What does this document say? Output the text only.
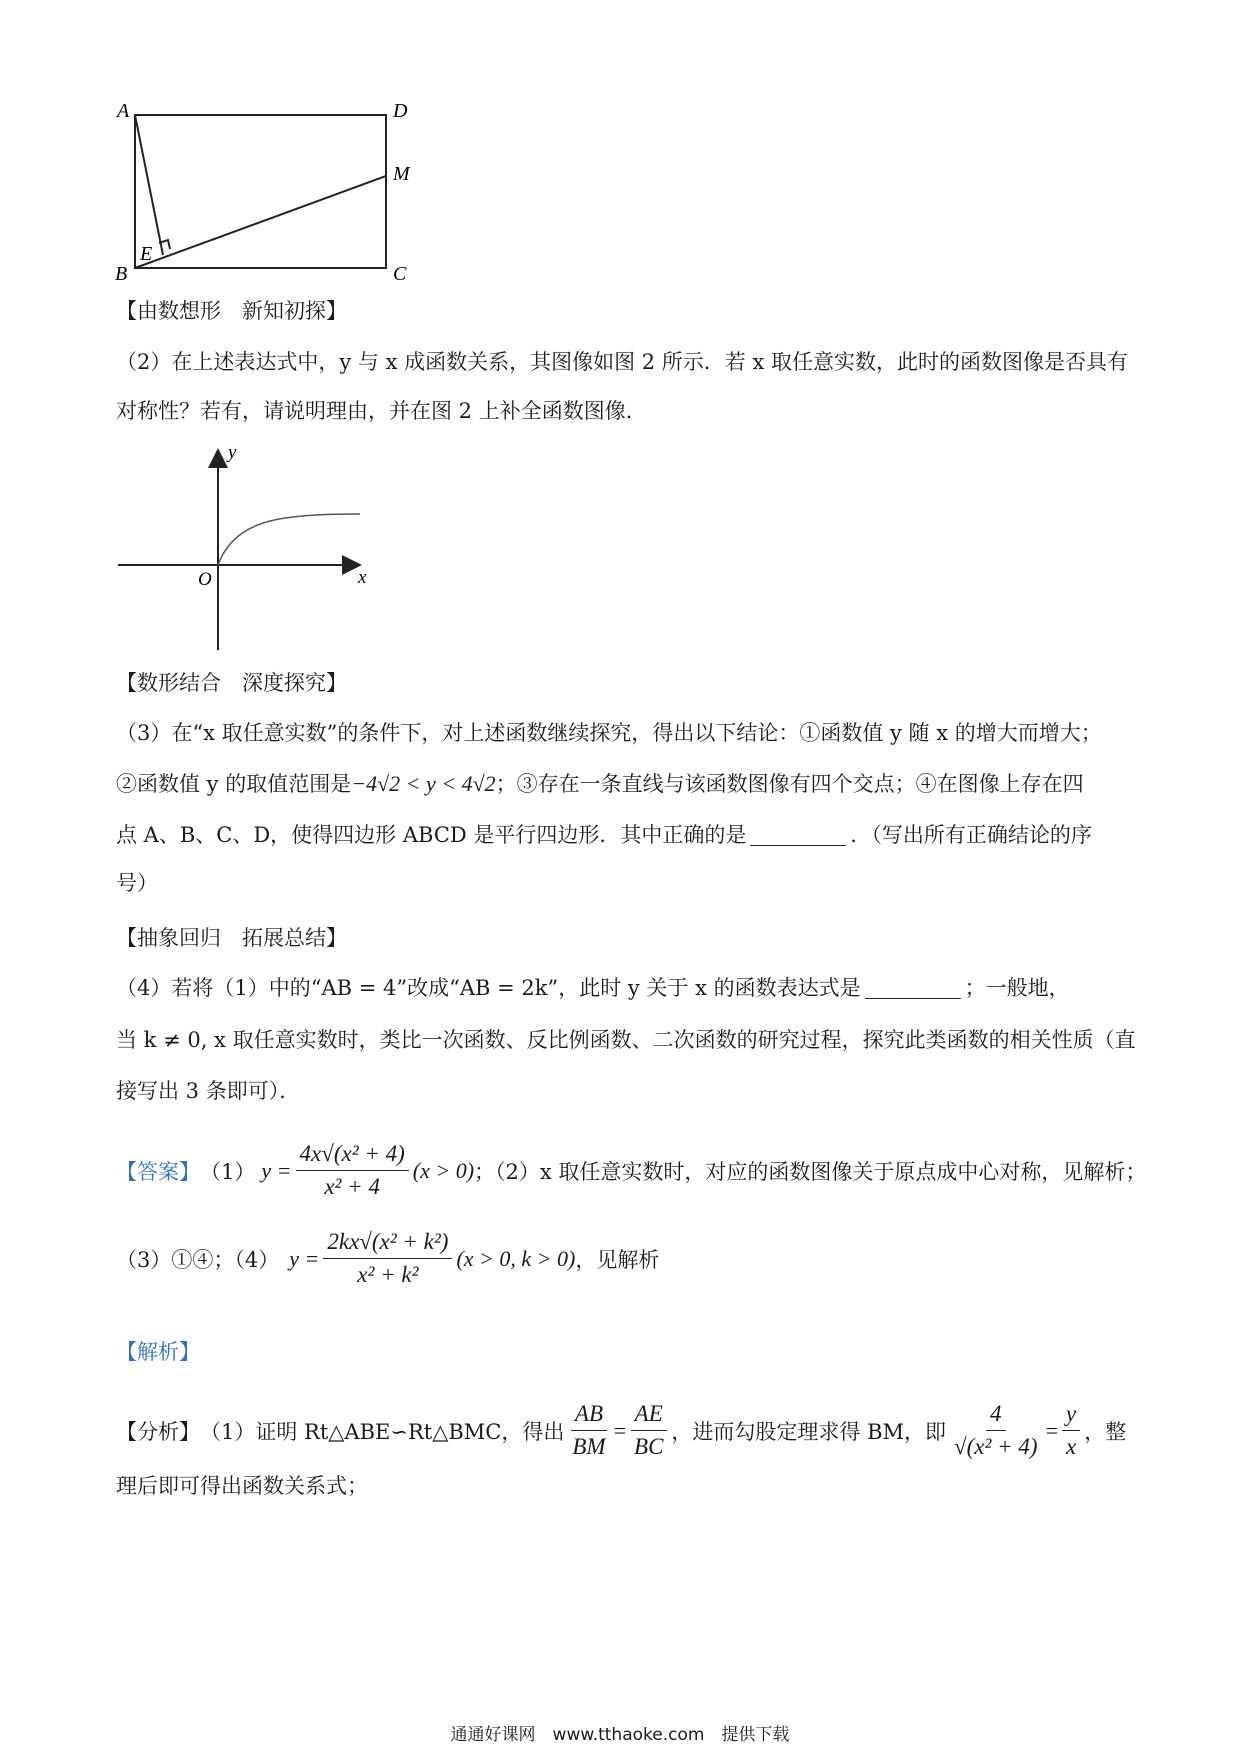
A	D
M
E
B	C
【由数想形　新知初探】
（2）在上述表达式中，y 与 x 成函数关系，其图像如图 2 所示．若 x 取任意实数，此时的函数图像是否具有
对称性？若有，请说明理由，并在图 2 上补全函数图像．
y
x
O
【数形结合　深度探究】
（3）在“x 取任意实数”的条件下，对上述函数继续探究，得出以下结论：①函数值 y 随 x 的增大而增大；
②函数值 y 的取值范围是−4√2 < y < 4√2；③存在一条直线与该函数图像有四个交点；④在图像上存在四
点 A、B、C、D，使得四边形 ABCD 是平行四边形．其中正确的是	．（写出所有正确结论的序
号）
【抽象回归　拓展总结】
（4）若将（1）中的“AB = 4”改成“AB = 2k”，此时 y 关于 x 的函数表达式是	；一般地，
当 k ≠ 0, x 取任意实数时，类比一次函数、反比例函数、二次函数的研究过程，探究此类函数的相关性质（直
接写出 3 条即可）．
【答案】 （1） $y = \frac{\text{4x√(x² + 4)}}{\text{x² + 4}} (x > 0)$ ；（2）x 取任意实数时，对应的函数图像关于原点成中心对称，见解析；
（3）①④；（4） $y = \frac{\text{2kx√(x² + k²)}}{\text{x² + k²}} (x > 0$, k > 0) ，见解析
【解析】
【分析】 （1）证明 Rt△ABE∽Rt△BMC，得出 $\frac{AB}{BM} = \frac{AE}{BC}$ ，进而勾股定理求得 BM，即 $\frac{4}{\text{√(x² + 4)}} = \frac{y}{x}$ ，整
理后即可得出函数关系式；
通通好课网　www.tthaoke.com　提供下载
